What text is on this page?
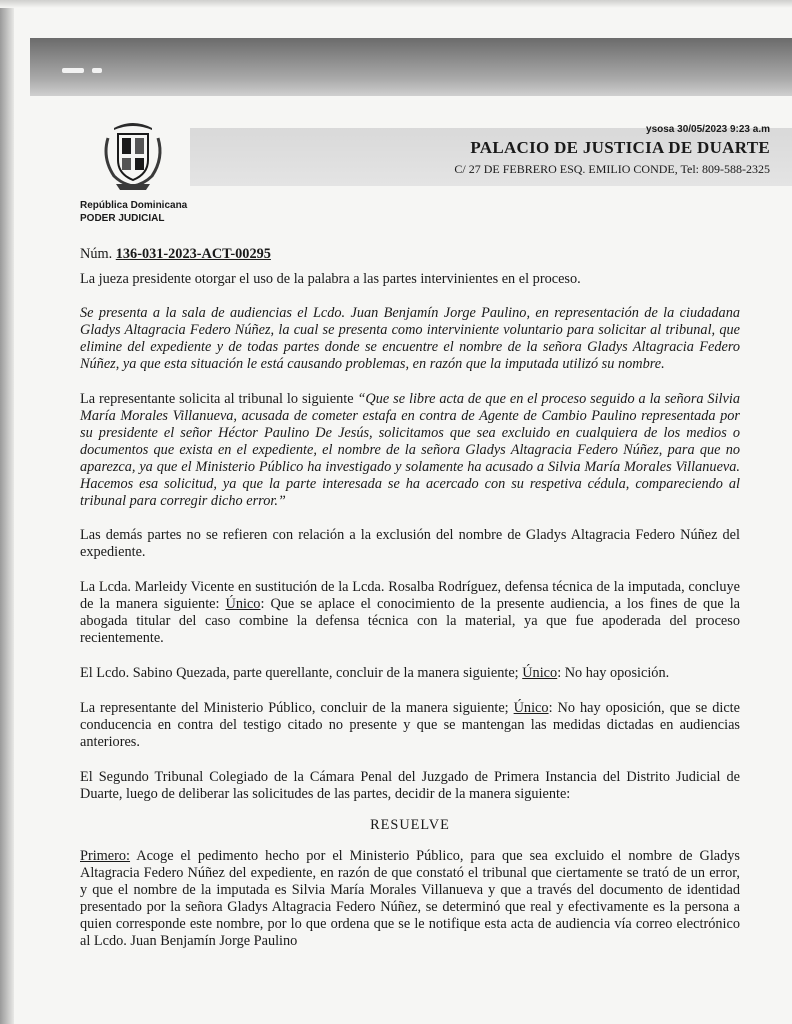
ysosa 30/05/2023 9:23 a.m
PALACIO DE JUSTICIA DE DUARTE
C/ 27 DE FEBRERO ESQ. EMILIO CONDE, Tel: 809-588-2325
República Dominicana
PODER JUDICIAL

Núm. 136-031-2023-ACT-00295

La jueza presidente otorgar el uso de la palabra a las partes intervinientes en el proceso.

Se presenta a la sala de audiencias el Lcdo. Juan Benjamín Jorge Paulino, en representación de la ciudadana Gladys Altagracia Federo Núñez, la cual se presenta como interviniente voluntario para solicitar al tribunal, que elimine del expediente y de todas partes donde se encuentre el nombre de la señora Gladys Altagracia Federo Núñez, ya que esta situación le está causando problemas, en razón que la imputada utilizó su nombre.

La representante solicita al tribunal lo siguiente “Que se libre acta de que en el proceso seguido a la señora Silvia María Morales Villanueva, acusada de cometer estafa en contra de Agente de Cambio Paulino representada por su presidente el señor Héctor Paulino De Jesús, solicitamos que sea excluido en cualquiera de los medios o documentos que exista en el expediente, el nombre de la señora Gladys Altagracia Federo Núñez, para que no aparezca, ya que el Ministerio Público ha investigado y solamente ha acusado a Silvia María Morales Villanueva. Hacemos esa solicitud, ya que la parte interesada se ha acercado con su respetiva cédula, compareciendo al tribunal para corregir dicho error.”

Las demás partes no se refieren con relación a la exclusión del nombre de Gladys Altagracia Federo Núñez del expediente.

La Lcda. Marleidy Vicente en sustitución de la Lcda. Rosalba Rodríguez, defensa técnica de la imputada, concluye de la manera siguiente: Único: Que se aplace el conocimiento de la presente audiencia, a los fines de que la abogada titular del caso combine la defensa técnica con la material, ya que fue apoderada del proceso recientemente.

El Lcdo. Sabino Quezada, parte querellante, concluir de la manera siguiente; Único: No hay oposición.

La representante del Ministerio Público, concluir de la manera siguiente; Único: No hay oposición, que se dicte conducencia en contra del testigo citado no presente y que se mantengan las medidas dictadas en audiencias anteriores.

El Segundo Tribunal Colegiado de la Cámara Penal del Juzgado de Primera Instancia del Distrito Judicial de Duarte, luego de deliberar las solicitudes de las partes, decidir de la manera siguiente:

RESUELVE

Primero: Acoge el pedimento hecho por el Ministerio Público, para que sea excluido el nombre de Gladys Altagracia Federo Núñez del expediente, en razón de que constató el tribunal que ciertamente se trató de un error, y que el nombre de la imputada es Silvia María Morales Villanueva y que a través del documento de identidad presentado por la señora Gladys Altagracia Federo Núñez, se determinó que real y efectivamente es la persona a quien corresponde este nombre, por lo que ordena que se le notifique esta acta de audiencia vía correo electrónico al Lcdo. Juan Benjamín Jorge Paulino
